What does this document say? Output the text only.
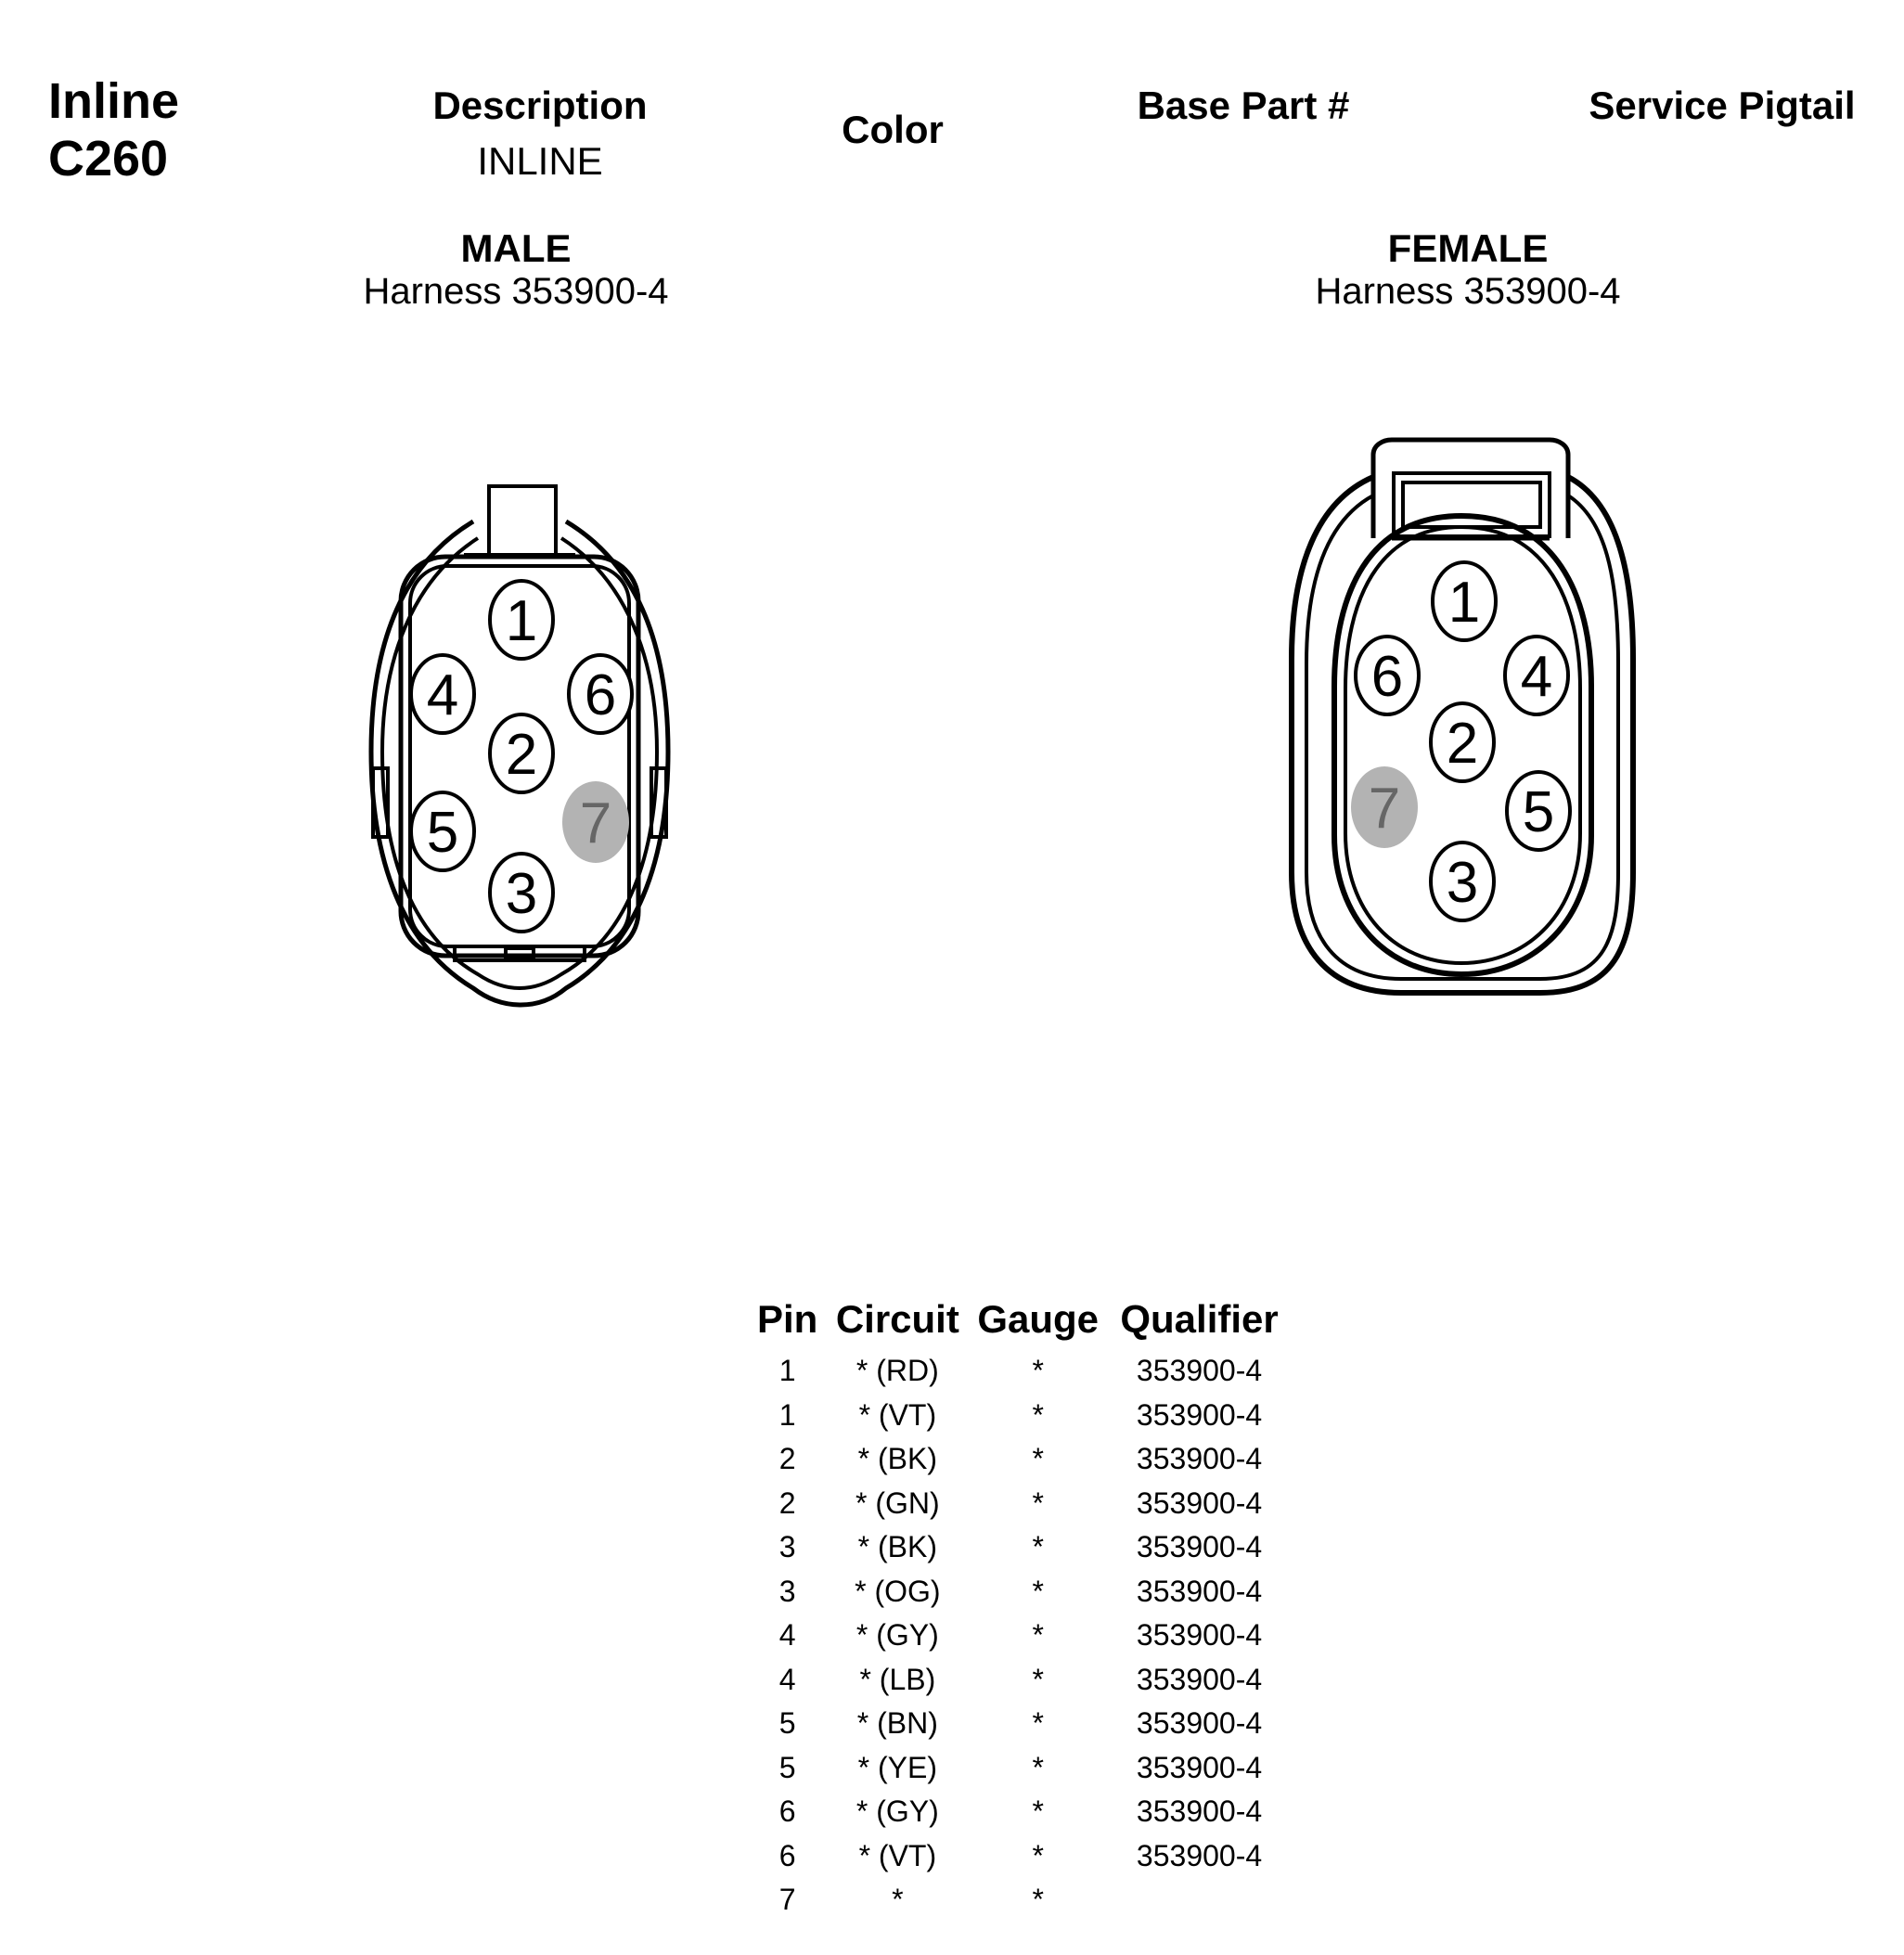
Inline
C260
Description
INLINE
Color
Base Part #	Service Pigtail
MALE
Harness 353900-4
FEMALE
Harness 353900-4
1
2
3
4
5
6
7
1
2
3
4
5
6
7
Pin	Circuit	Gauge	Qualifier
1	* (RD)	*	353900-4
1	* (VT)	*	353900-4
2	* (BK)	*	353900-4
2	* (GN)	*	353900-4
3	* (BK)	*	353900-4
3	* (OG)	*	353900-4
4	* (GY)	*	353900-4
4	* (LB)	*	353900-4
5	* (BN)	*	353900-4
5	* (YE)	*	353900-4
6	* (GY)	*	353900-4
6	* (VT)	*	353900-4
7	*	*	
